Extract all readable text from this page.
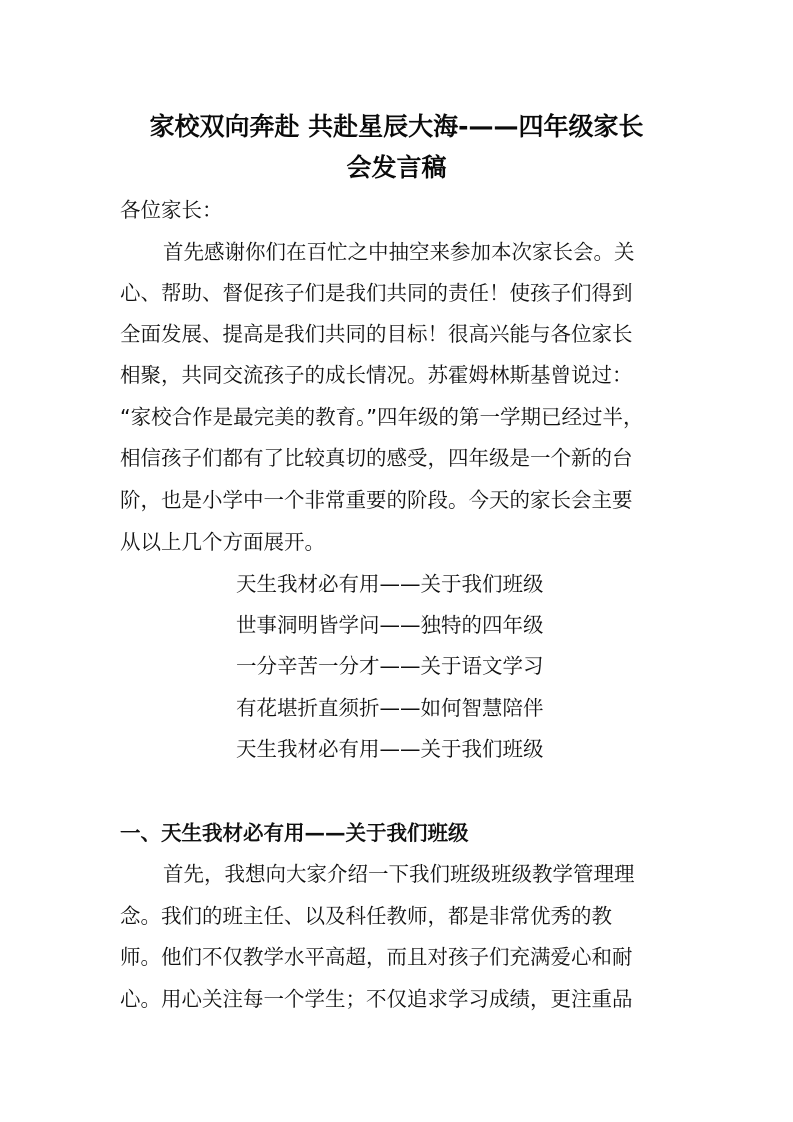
家校双向奔赴 共赴星辰大海-——四年级家长
会发言稿
各位家长：
首先感谢你们在百忙之中抽空来参加本次家长会。关
心、帮助、督促孩子们是我们共同的责任！使孩子们得到
全面发展、提高是我们共同的目标！很高兴能与各位家长
相聚，共同交流孩子的成长情况。苏霍姆林斯基曾说过：
“家校合作是最完美的教育。”四年级的第一学期已经过半，
相信孩子们都有了比较真切的感受，四年级是一个新的台
阶，也是小学中一个非常重要的阶段。今天的家长会主要
从以上几个方面展开。
天生我材必有用——关于我们班级
世事洞明皆学问——独特的四年级
一分辛苦一分才——关于语文学习
有花堪折直须折——如何智慧陪伴
天生我材必有用——关于我们班级
一、天生我材必有用——关于我们班级
首先，我想向大家介绍一下我们班级班级教学管理理
念。我们的班主任、以及科任教师，都是非常优秀的教
师。他们不仅教学水平高超，而且对孩子们充满爱心和耐
心。用心关注每一个学生；不仅追求学习成绩，更注重品
